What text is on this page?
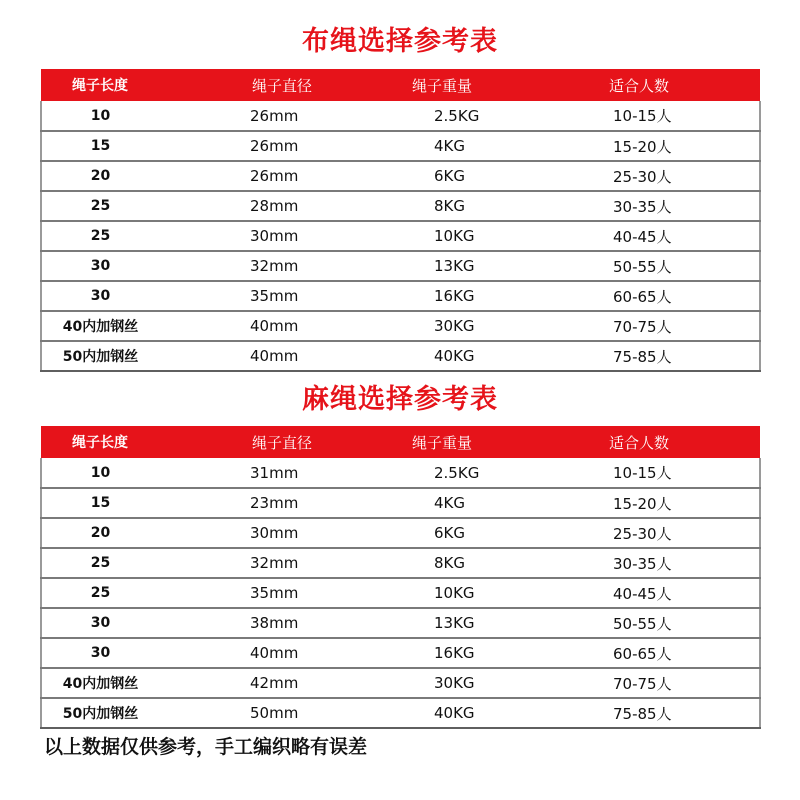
布绳选择参考表
绳子长度	绳子直径	绳子重量	适合人数
10	26mm	2.5KG	10-15人
15	26mm	4KG	15-20人
20	26mm	6KG	25-30人
25	28mm	8KG	30-35人
25	30mm	10KG	40-45人
30	32mm	13KG	50-55人
30	35mm	16KG	60-65人
40内加钢丝	40mm	30KG	70-75人
50内加钢丝	40mm	40KG	75-85人
麻绳选择参考表
绳子长度	绳子直径	绳子重量	适合人数
10	31mm	2.5KG	10-15人
15	23mm	4KG	15-20人
20	30mm	6KG	25-30人
25	32mm	8KG	30-35人
25	35mm	10KG	40-45人
30	38mm	13KG	50-55人
30	40mm	16KG	60-65人
40内加钢丝	42mm	30KG	70-75人
50内加钢丝	50mm	40KG	75-85人
以上数据仅供参考，手工编织略有误差
